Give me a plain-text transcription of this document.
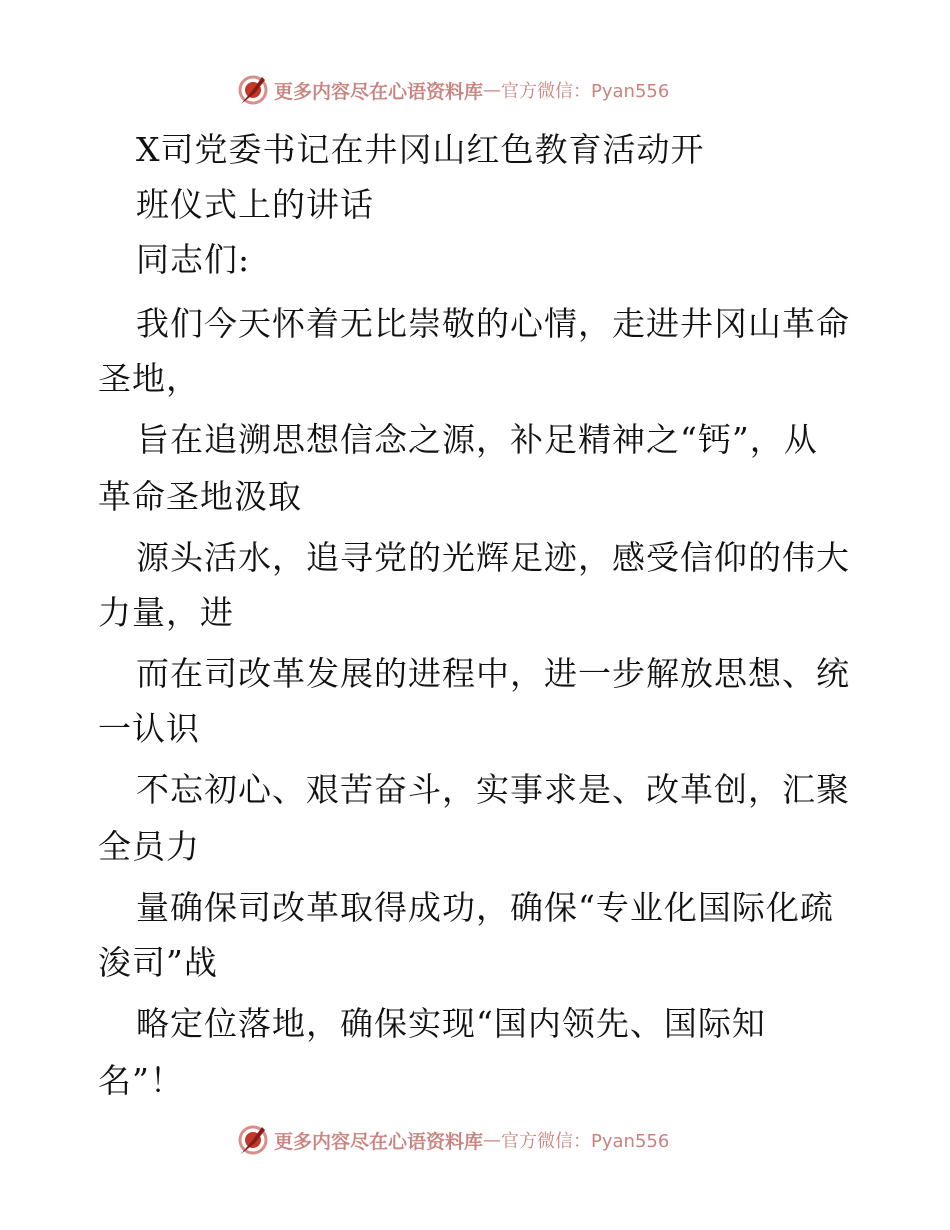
更多内容尽在心语资料库 — 官方微信：Pyan556
X司党委书记在井冈山红色教育活动开
班仪式上的讲话
同志们:
我们今天怀着无比崇敬的心情，走进井冈山革命
圣地，
旨在追溯思想信念之源，补足精神之“钙”，从
革命圣地汲取
源头活水，追寻党的光辉足迹，感受信仰的伟大
力量，进
而在司改革发展的进程中，进一步解放思想、统
一认识
不忘初心、艰苦奋斗，实事求是、改革创，汇聚
全员力
量确保司改革取得成功，确保“专业化国际化疏
浚司”战
略定位落地，确保实现“国内领先、国际知
名”！
更多内容尽在心语资料库 — 官方微信：Pyan556
